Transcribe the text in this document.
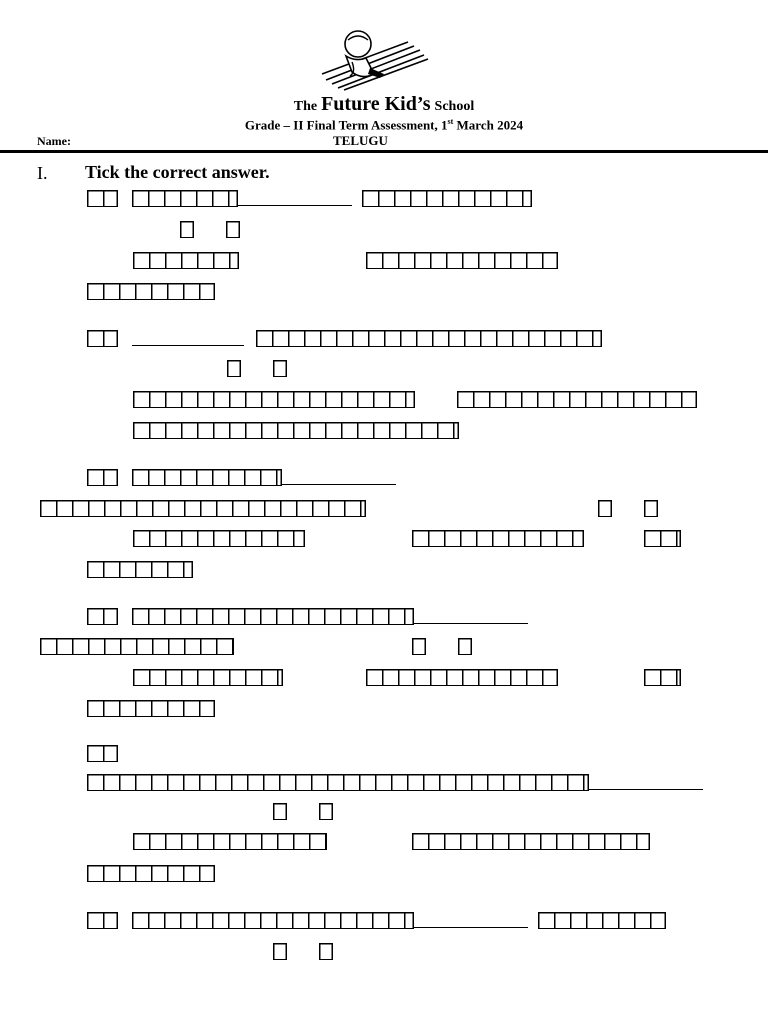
The Future Kid’s School
Grade – II Final Term Assessment, 1st March 2024
Name:	TELUGU
I. Tick the correct answer.
